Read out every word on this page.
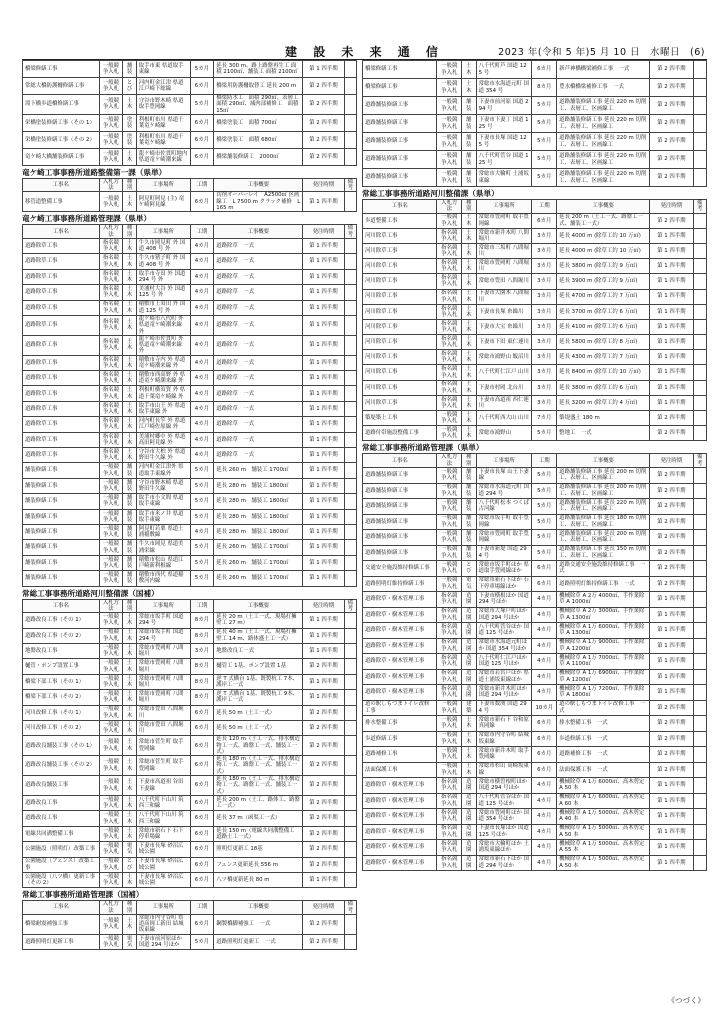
建 設 未 来 通 信	2023 年(令和 5 年)5 月 10 日　水曜日　(6)
橋梁修繕工事	一般競争入札	舗装	取手市東 県道取手東線	5カ月	延長 300 m、路上路盤再生工 面積 2100㎡、舗装工 面積 2100㎡	第 1 四半期	
常総大橋防護柵修繕工事	一般競争入札	とび	河内町金江津 県道江戸崎下総線	6カ月	橋梁用防護柵取替工 延長 200 m	第 2 四半期	
滝下橋歩道橋修繕工事	一般競争入札	土木	守谷市野木崎 県道取手豊岡線	5カ月	橋梁防水工　面積 290㎡、表層工　面積 290㎡、減肉部補修工　面積 15㎡	第 2 四半期	
栄橋塗装修繕工事（その 1）	一般競争入札	塗装	利根町布川 県道千葉竜ケ崎線	6カ月	橋梁塗装工　面積 700㎡	第 2 四半期	
栄橋塗装修繕工事（その 2）	一般競争入札	塗装	利根町布川 県道千葉竜ケ崎線	6カ月	橋梁塗装工　面積 680㎡	第 2 四半期	
竜ケ崎大橋舗装修繕工事	一般競争入札	土木	龍ケ崎市佐貫町地内 県道竜ケ崎潮来線	6カ月	橋梁舗装修繕工　2000㎡	第 2 四半期	
竜ケ崎工事事務所道路整備第一課（県単）
工事名	入札方法	種別	工事場所	工期	工事概要	発注時期	備考
移管道整備工事	一般競争入札	土木	阿見町阿見 (主) 竜ケ崎阿見線	6カ月	切削オーバーレイ　A2500㎡ 区画線工　L 7500 m クラック補修　L 165 m	第 1 四半期	
竜ケ崎工事事務所道路管理課（県単）
工事名	入札方法	種別	工事場所	工期	工事概要	発注時期	備考
道路除草工事	指名競争入札	土木	牛久市岡見町 外 国道 408 号 外	4カ月	道路除草　一式	第 1 四半期	
道路除草工事	指名競争入札	土木	牛久市猪子町 外 国道 408 号 外	4カ月	道路除草　一式	第 1 四半期	
道路除草工事	指名競争入札	土木	取手市寺田 外 国道 294 号 外	4カ月	道路除草　一式	第 1 四半期	
道路除草工事	指名競争入札	土木	美浦村大谷 外 国道 125 号 外	4カ月	道路除草　一式	第 1 四半期	
道路除草工事	指名競争入札	土木	稲敷市上須田 外 国道 125 号 外	4カ月	道路除草　一式	第 1 四半期	
道路除草工事	指名競争入札	土木	龍ケ崎市八代町 外 県道竜ケ崎潮来線 外	4カ月	道路除草　一式	第 1 四半期	
道路除草工事	指名競争入札	土木	龍ケ崎市佐貫町 外 県道竜ケ崎潮来線 外	4カ月	道路除草　一式	第 1 四半期	
道路除草工事	指名競争入札	土木	稲敷市寺内 外 県道竜ケ崎潮来線 外	4カ月	道路除草　一式	第 1 四半期	
道路除草工事	指名競争入札	土木	稲敷市西高野 外 県道竜ケ崎潮来線 外	4カ月	道路除草　一式	第 1 四半期	
道路除草工事	指名競争入札	土木	利根町横須賀 外 県道千葉竜ケ崎線 外	4カ月	道路除草　一式	第 1 四半期	
道路除草工事	指名競争入札	土木	取手市山王 外 県道取手東線 外	4カ月	道路除草　一式	第 1 四半期	
道路除草工事	指名競争入札	土木	河内町長竿 外 県道江戸崎佐原線 外	4カ月	道路除草　一式	第 1 四半期	
道路除草工事	指名競争入札	土木	美浦村郷中 外 県道高田阿見線 外	4カ月	道路除草　一式	第 1 四半期	
道路除草工事	指名競争入札	土木	守谷市大柏 外 県道野田牛久線 外	4カ月	道路除草　一式	第 1 四半期	
舗装修繕工事	一般競争入札	舗装	河内町金江津外 県道取手東線外	5カ月	延長 260 m　舗装工 1700㎡	第 1 四半期	
舗装修繕工事	一般競争入札	舗装	守谷市野木崎 県道野田牛久線	5カ月	延長 280 m　舗装工 1800㎡	第 1 四半期	
舗装修繕工事	一般競争入札	舗装	取手市小文間 県道取手東線	5カ月	延長 280 m　舗装工 1800㎡	第 1 四半期	
舗装修繕工事	一般競争入札	舗装	取手市米ノ井 県道取手東線	5カ月	延長 280 m　舗装工 1800㎡	第 1 四半期	
舗装修繕工事	一般競争入札	舗装	阿見町若栗 県道土浦稲敷線	4カ月	延長 280 m　舗装工 1800㎡	第 1 四半期	
舗装修繕工事	一般競争入札	舗装	牛久市岡見 県道美浦栄線	5カ月	延長 260 m　舗装工 1700㎡	第 1 四半期	
舗装修繕工事	一般競争入札	舗装	稲敷市松山 県道江戸崎新利根線	5カ月	延長 260 m　舗装工 1700㎡	第 1 四半期	
舗装修繕工事	一般競争入札	舗装	稲敷市西代 県道稲敷河内線	5カ月	延長 260 m　舗装工 1700㎡	第 1 四半期	
常総工事事務所道路河川整備課（国補）
工事名	入札方法	種別	工事場所	工期	工事概要	発注時期	備考
道路改良工事（その 1）	一般競争入札	土木	常総市坂手町 国道 294 号	8カ月	延長 20 m（土工一式、現場打擁壁工 27 m）	第 1 四半期	
道路改良工事（その 2）	一般競争入札	土木	常総市坂手町 国道 294 号	8カ月	延長 40 m（土工一式、現場打擁壁工 14 m、路体盛土工一式）	第 1 四半期	
地盤改良工事	一般競争入札	土木	常総市豊岡町 八間堀川	3カ月	地盤改良工一式	第 1 四半期	
樋管・ポンプ設置工事	一般競争入札	土木	常総市豊岡町 八間堀川	8カ月	樋管工 1基、ポンプ設置 1基	第 2 四半期	
橋梁下部工事（その 1）	一般競争入札	土木	常総市豊岡町 八間堀川	8カ月	逆 T 式橋台 1基、既製杭工 7本、護岸工一式	第 1 四半期	
橋梁下部工事（その 2）	一般競争入札	土木	常総市豊岡町 八間堀川	8カ月	逆 T 式橋台 1基、既製杭工 9本、護岸工一式	第 1 四半期	
河川改修工事（その 1）	一般競争入札	土木	常総市豊田 八間堀川	6カ月	延長 50 m（土工一式）	第 2 四半期	
河川改修工事（その 2）	一般競争入札	土木	常総市豊田 八間堀川	6カ月	延長 50 m（土工一式）	第 2 四半期	
道路改良舗装工事（その 1）	一般競争入札	土木	常総市菅生町 取手豊岡線	6カ月	延長 120 m（土工一式、排水構造物工一式、路盤工一式、舗装工一式）	第 2 四半期	
道路改良舗装工事（その 2）	一般競争入札	土木	常総市菅生町 取手豊岡線	6カ月	延長 180 m（土工一式、排水構造物工一式、路盤工一式、舗装工一式）	第 2 四半期	
道路改良舗装工事	一般競争入札	土木	下妻市高道祖 谷田下妻線	6カ月	延長 180 m（土工一式、排水構造物工一式、路盤工一式、舗装工一式）	第 2 四半期	
道路改良工事	一般競争入札	土木	八千代町下山川 筑西三和線	6カ月	延長 200 m（土工、路体工、路盤工一式）	第 2 四半期	
道路改良工事	一般競争入札	土木	八千代町下山川 筑西三和線	6カ月	延長 37 m（函渠工一式）	第 2 四半期	
電線共同溝整備工事	一般競争入札	土木	常総市新石下 石下停車場線	6カ月	延長 150 m（電線共同溝整備工　道路土工一式）	第 2 四半期	
公園施設（照明灯）改築工事	一般競争入札	電気	下妻市長塚 砂沼広域公園	6カ月	照明灯更新工 18基	第 2 四半期	
公園施設（フェンス）改築工事	一般競争入札	とび	下妻市長塚 砂沼広域公園	6カ月	フェンス更新延長 556 m	第 2 四半期	
公園施設（八ツ橋）更新工事（その 2）	一般競争入札	土木	下妻市長塚 砂沼広域公園	6カ月	八ツ橋更新延長 80 m	第 1 四半期	
常総工事事務所道路管理課（国補）
工事名	入札方法	種別	工事場所	工期	工事概要	発注時期	備考
橋梁耐震補強工事	一般競争入札	土木	常総市内守谷町 県道高岡工新田 結城坂東線	6カ月	鋼製橋脚補強工　一式	第 2 四半期	
道路照明灯更新工事	一般競争入札	電気	下妻市前河原ほか 国道 294 号ほか	5カ月	道路照明灯更新工　一式	第 2 四半期	
橋梁修繕工事	一般競争入札	土木	八千代町芦 国道 125 号	6カ月	新芦神橋橋梁補修工事　一式	第 2 四半期	
橋梁修繕工事	一般競争入札	土木	常総市水海道元町 国道 354 号	8カ月	豊水橋橋梁補修工事　一式	第 2 四半期	
道路舗装修繕工事	一般競争入札	舗装	下妻市前河原 国道 294 号	5カ月	道路舗装修繕工事 延長 220 m 切削工、表層工、区画線工	第 2 四半期	
道路舗装修繕工事	一般競争入札	舗装	下妻市下妻丁 国道 125 号	5カ月	道路舗装修繕工事 延長 220 m 切削工、表層工、区画線工	第 2 四半期	
道路舗装修繕工事	一般競争入札	舗装	下妻市長塚 国道 125 号	5カ月	道路舗装修繕工事 延長 220 m 切削工、表層工、区画線工	第 2 四半期	
道路舗装修繕工事	一般競争入札	舗装	八千代町菅谷 国道 125 号	5カ月	道路舗装修繕工事 延長 220 m 切削工、表層工、区画線工	第 2 四半期	
道路舗装修繕工事	一般競争入札	舗装	常総市大輪町 土浦坂東線	5カ月	道路舗装修繕工事 延長 220 m 切削工、表層工、区画線工	第 2 四半期	
常総工事事務所道路河川整備課（県単）
工事名	入札方法	種別	工事場所	工期	工事概要	発注時期	備考
歩道整備工事	一般競争入札	土木	常総市豊岡町 取手豊岡線	6カ月	延長 200 m（土工一式、路盤工一式、舗装工一式）	第 2 四半期	
河川除草工事	指名競争入札	土木	常総市新井木町 八間堀川	3カ月	延長 4000 m (除草工約 10 万㎡)	第 1 四半期	
河川除草工事	指名競争入札	土木	常総市三坂町 八間堀川	3カ月	延長 4000 m (除草工約 10 万㎡)	第 1 四半期	
河川除草工事	指名競争入札	土木	常総市豊岡町 八間堀川	3カ月	延長 3800 m (除草工約 9 万㎡)	第 1 四半期	
河川除草工事	指名競争入札	土木	常総市豊田 八間堀川	3カ月	延長 3900 m (除草工約 9 万㎡)	第 1 四半期	
河川除草工事	指名競争入札	土木	下妻市大園木 八間堀川	3カ月	延長 4700 m (除草工約 7 万㎡)	第 1 四半期	
河川除草工事	指名競争入札	土木	下妻市長塚 糸繰川	3カ月	延長 3700 m (除草工約 6 万㎡)	第 1 四半期	
河川除草工事	指名競争入札	土木	下妻市大宝 糸繰川	3カ月	延長 4100 m (除草工約 6 万㎡)	第 1 四半期	
河川除草工事	指名競争入札	土木	下妻市下田 東仁連川	3カ月	延長 5800 m (除草工約 8 万㎡)	第 1 四半期	
河川除草工事	指名競争入札	土木	常総市鴻野山 飯沼川	3カ月	延長 4300 m (除草工約 7 万㎡)	第 1 四半期	
河川除草工事	指名競争入札	土木	八千代町仁江戸 山川	3カ月	延長 8400 m (除草工約 10 万㎡)	第 1 四半期	
河川除草工事	指名競争入札	土木	下妻市村岡 北台川	3カ月	延長 3800 m (除草工約 6 万㎡)	第 1 四半期	
河川除草工事	指名競争入札	土木	下妻市高道祖 西仁連川	3カ月	延長 3200 m (除草工約 4 万㎡)	第 1 四半期	
築堤築上工事	一般競争入札	土木	八千代町西大山 山川	7カ月	築堤盛土 180 m	第 2 四半期	
道路付帯施設整備工事	一般競争入札	土木	常総市鴻野山	5カ月	整地工　一式	第 2 四半期	
常総工事事務所道路管理課（県単）
工事名	入札方法	種別	工事場所	工期	工事概要	発注時期	備考
道路舗装修繕工事	一般競争入札	舗装	下妻市長塚 山王下妻線	5カ月	道路舗装修繕工事 延長 200 m 切削工、表層工、区画線工	第 2 四半期	
道路舗装修繕工事	一般競争入札	舗装	常総市水海道元町 国道 294 号	5カ月	道路舗装修繕工事 延長 200 m 切削工、表層工、区画線工	第 2 四半期	
道路舗装修繕工事	一般競争入札	舗装	八千代町松本 つくば古河線	5カ月	道路舗装修繕工事 延長 220 m 切削工、表層工、区画線工	第 2 四半期	
道路舗装修繕工事	一般競争入札	舗装	常総市坂手町 取手豊岡線	5カ月	道路舗装修繕工事 延長 180 m 切削工、表層工、区画線工	第 2 四半期	
道路舗装修繕工事	一般競争入札	舗装	常総市豊岡町 取手豊岡線	5カ月	道路舗装修繕工事 延長 200 m 切削工、表層工、区画線工	第 2 四半期	
道路舗装修繕工事	一般競争入札	舗装	下妻市新堤 国道 294 号	5カ月	道路舗装修繕工事 延長 150 m 切削工、表層工、区画線工	第 2 四半期	
交通安全施設維持修繕工事	一般競争入札	とび	常総市坂手町ほか 県道取手豊岡線ほか	6カ月	道路交通安全施設維持修繕工事　一式	第 2 四半期	
道路照明灯維持修繕工事	一般競争入札	電気	常総市新石下ほか 石下停車場線ほか	6カ月	道路照明灯維持修繕工事　一式	第 2 四半期	
道路除草・樹木管理工事	指名競争入札	造園	下妻市横根ほか 国道 294 号ほか	4カ月	機械除草 A 2万 4000㎡、手作業除草 A 1000㎡	第 1 四半期	
道路除草・樹木管理工事	指名競争入札	造園	常総市大塚戸町ほか 国道 294 号ほか	4カ月	機械除草 A 2万 3000㎡、手作業除草 A 1300㎡	第 1 四半期	
道路除草・樹木管理工事	指名競争入札	造園	八千代町菅谷ほか 国道 125 号ほか	4カ月	機械除草 A 1万 6000㎡、手作業除草 A 1300㎡	第 1 四半期	
道路除草・樹木管理工事	指名競争入札	造園	常総市水海道元町ほか 国道 354 号ほか	4カ月	機械除草 A 1万 9000㎡、手作業除草 A 1200㎡	第 1 四半期	
道路除草・樹木管理工事	指名競争入札	造園	八千代町仁江戸ほか 国道 125 号ほか	4カ月	機械除草 A 1万 7000㎡、手作業除草 A 1100㎡	第 1 四半期	
道路除草・樹木管理工事	指名競争入札	造園	常総市若宮戸ほか 県道土浦坂東線ほか	4カ月	機械除草 A 1万 6900㎡、手作業除草 A 1200㎡	第 1 四半期	
道路除草・樹木管理工事	指名競争入札	造園	常総市新井木町ほか 国道 294 号ほか	4カ月	機械除草 A 1万 7200㎡、手作業除草 A 1800㎡	第 1 四半期	
道の駅しもつまトイレ改修工事	一般競争入札	建築	下妻市数渕 国道 294 号	10カ月	道の駅しもつまトイレ改修工事　一式	第 2 四半期	
排水整備工事	一般競争入札	土木	常総市新石下 谷和原真岡線	6カ月	排水整備工事　一式	第 2 四半期	
歩道修繕工事	一般競争入札	土木	常総市内守谷町 結城坂東線	6カ月	歩道修繕工事　一式	第 2 四半期	
道路補修工事	一般競争入札	土木	常総市新井木町 取手豊岡線	6カ月	道路補修工事　一式	第 2 四半期	
法面保護工事	一般競争入札	土木	常総市杉山 高崎坂東線	6カ月	法面保護工事　一式	第 2 四半期	
道路除草・樹木管理工事	指名競争入札	造園	常総市横曽根町ほか 国道 294 号ほか	4カ月	機械除草 A 1万 6000㎡、高木剪定 A 50 本	第 1 四半期	
道路除草・樹木管理工事	指名競争入札	造園	八千代町菅谷ほか 国道 125 号ほか	4カ月	機械除草 A 1万 6000㎡、高木剪定 A 60 本	第 1 四半期	
道路除草・樹木管理工事	指名競争入札	造園	常総市豊岡町ほか 国道 354 号ほか	4カ月	機械除草 A 1万 5000㎡、高木剪定 A 40 本	第 1 四半期	
道路除草・樹木管理工事	指名競争入札	造園	下妻市長塚ほか 国道 125 号ほか	4カ月	機械除草 A 1万 5000㎡、高木剪定 A 50 本	第 1 四半期	
道路除草・樹木管理工事	指名競争入札	造園	常総市大輪町ほか 土浦坂東線ほか	4カ月	機械除草 A 1万 5000㎡、高木剪定 A 55 本	第 1 四半期	
道路除草・樹木管理工事	指名競争入札	造園	常総市新石下ほか 国道 294 号ほか	4カ月	機械除草 A 1万 5000㎡、高木剪定 A 50 本	第 1 四半期	
《つづく》
